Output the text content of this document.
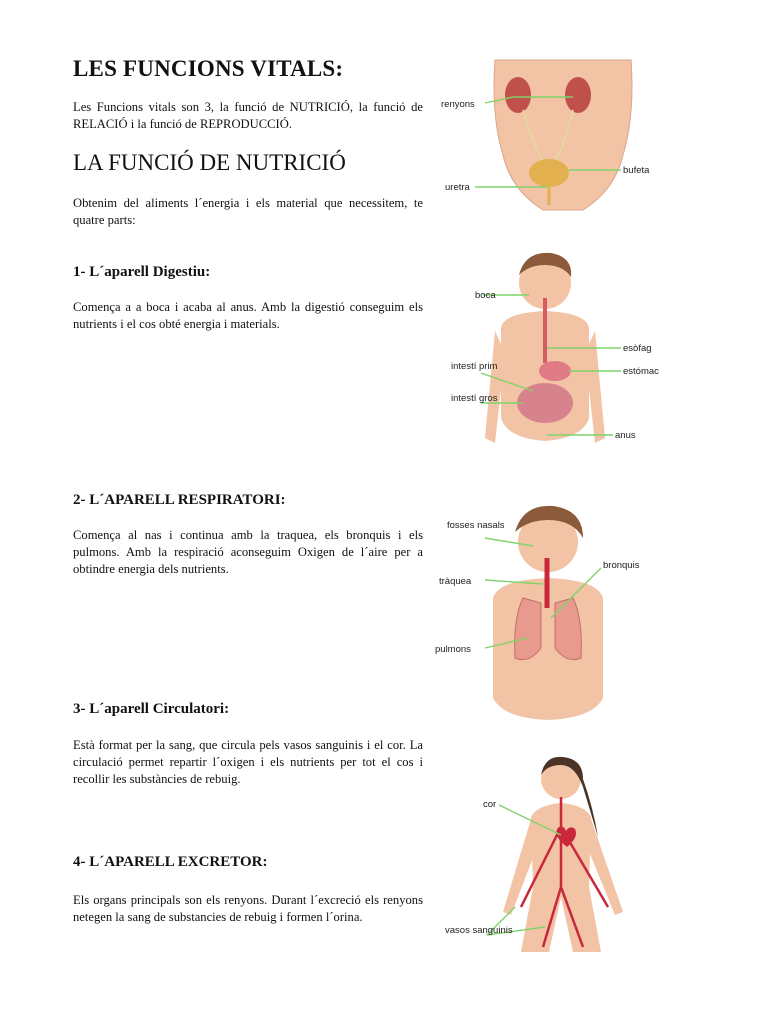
LES FUNCIONS VITALS:

Les Funcions vitals son 3, la funció de NUTRICIÓ, la funció de RELACIÓ i la funció de REPRODUCCIÓ.

LA FUNCIÓ DE NUTRICIÓ

Obtenim del aliments l´energia i els material que necessitem, te quatre parts:

1- L´aparell Digestiu:

Comença a a boca i acaba al anus. Amb la digestió conseguim els nutrients i el cos obté energia i materials.

2- L´APARELL RESPIRATORI:

Comença al nas i continua amb la traquea, els bronquis i els pulmons. Amb la respiració aconseguim Oxigen de l´aire per a obtindre energia dels nutrients.

3- L´aparell Circulatori:

Està format per la sang, que circula pels vasos sanguinis i el cor. La circulació permet repartir l´oxigen i els nutrients per tot el cos i recollir les substàncies de rebuig.

4- L´APARELL EXCRETOR:

Els organs principals son els renyons. Durant l´excreció els renyons netegen la sang de substancies de rebuig i formen l´orina.

renyons
bufeta
uretra
boca
esòfag
intestí prim	estómac
intestí gros
anus
fosses nasals
bronquis
tràquea
pulmons
cor
vasos sanguinis
